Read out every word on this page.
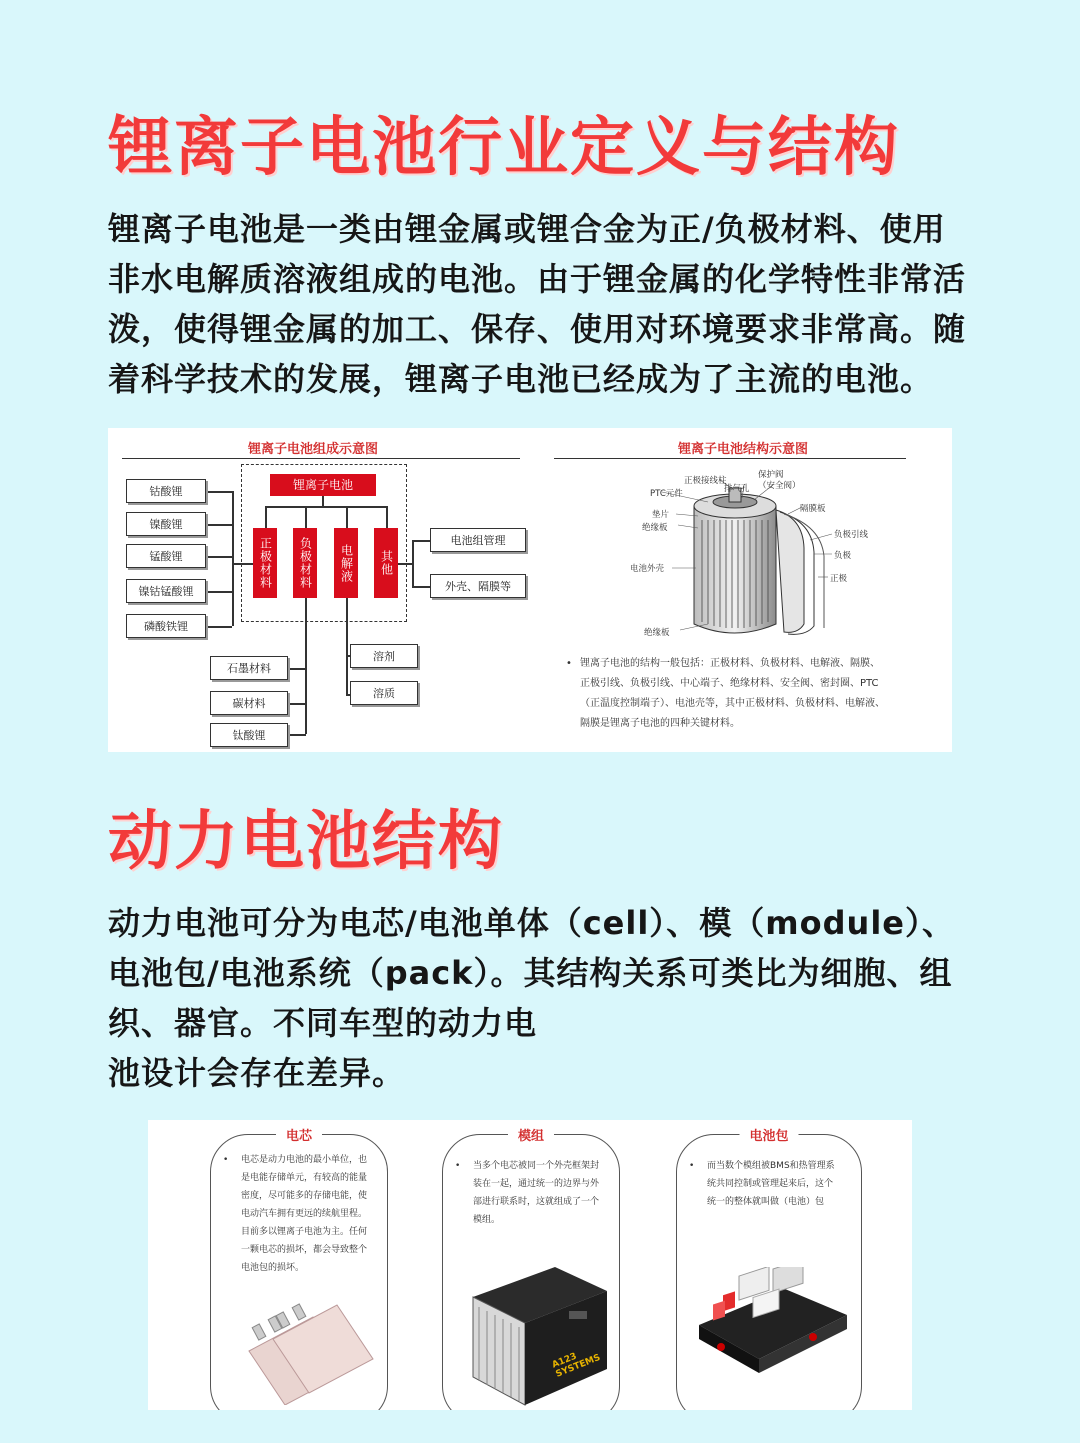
锂离子电池行业定义与结构

锂离子电池是一类由锂金属或锂合金为正/负极材料、使用

非水电解质溶液组成的电池。由于锂金属的化学特性非常活

泼，使得锂金属的加工、保存、使用对环境要求非常高。随

着科学技术的发展，锂离子电池已经成为了主流的电池。

锂离子电池组成示意图
锂离子电池
正极材料	负极材料	电解液	其他
钴酸锂
镍酸锂
锰酸锂
镍钴锰酸锂
磷酸铁锂
石墨材料
碳材料
钛酸锂
溶剂
溶质
电池组管理
外壳、隔膜等
锂离子电池结构示意图
正极接线柱
PTC元件	排气孔
保护阀
（安全阀）
垫片
绝缘板
隔膜板
负极引线
负极
正极
电池外壳
绝缘板
• 锂离子电池的结构一般包括：正极材料、负极材料、电解液、隔膜、
正极引线、负极引线、中心端子、绝缘材料、安全阀、密封圈、PTC
（正温度控制端子）、电池壳等，其中正极材料、负极材料、电解液、
隔膜是锂离子电池的四种关键材料。
动力电池结构

动力电池可分为电芯/电池单体（cell）、模（module）、

电池包/电池系统（pack）。其结构关系可类比为细胞、组

织、器官。不同车型的动力电

池设计会存在差异。

电芯
• 电芯是动力电池的最小单位，也
是电能存储单元，有较高的能量
密度，尽可能多的存储电能，使
电动汽车拥有更远的续航里程。
目前多以锂离子电池为主。任何
一颗电芯的损坏，都会导致整个
电池包的损坏。
模组
• 当多个电芯被同一个外壳框架封
装在一起，通过统一的边界与外
部进行联系时，这就组成了一个
模组。
A123 SYSTEMS
电池包
• 而当数个模组被BMS和热管理系
统共同控制或管理起来后，这个
统一的整体就叫做（电池）包
